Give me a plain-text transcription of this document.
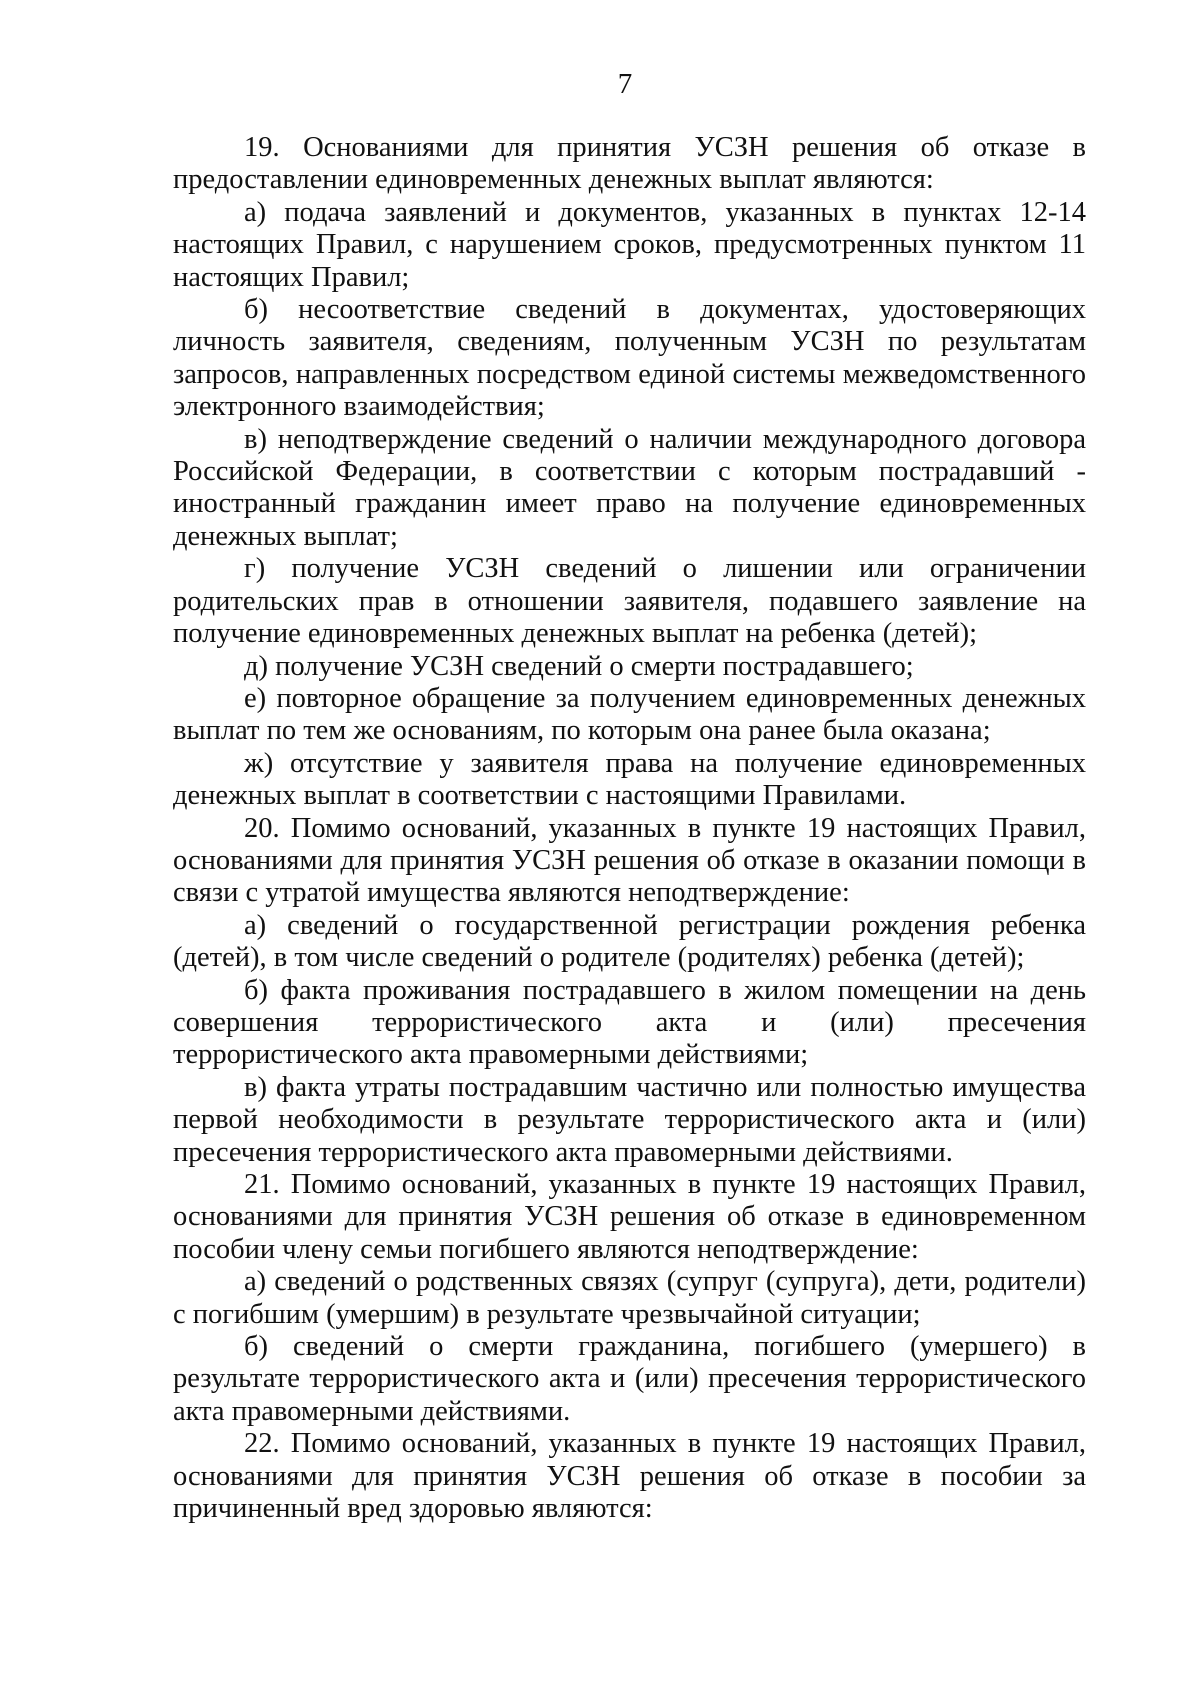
7

19. Основаниями для принятия УСЗН решения об отказе в предоставлении единовременных денежных выплат являются:

а) подача заявлений и документов, указанных в пунктах 12-14 настоящих Правил, с нарушением сроков, предусмотренных пунктом 11 настоящих Правил;

б) несоответствие сведений в документах, удостоверяющих личность заявителя, сведениям, полученным УСЗН по результатам запросов, направленных посредством единой системы межведомственного электронного взаимодействия;

в) неподтверждение сведений о наличии международного договора Российской Федерации, в соответствии с которым пострадавший - иностранный гражданин имеет право на получение единовременных денежных выплат;

г) получение УСЗН сведений о лишении или ограничении родительских прав в отношении заявителя, подавшего заявление на получение единовременных денежных выплат на ребенка (детей);

д) получение УСЗН сведений о смерти пострадавшего;

е) повторное обращение за получением единовременных денежных выплат по тем же основаниям, по которым она ранее была оказана;

ж) отсутствие у заявителя права на получение единовременных денежных выплат в соответствии с настоящими Правилами.

20. Помимо оснований, указанных в пункте 19 настоящих Правил, основаниями для принятия УСЗН решения об отказе в оказании помощи в связи с утратой имущества являются неподтверждение:

а) сведений о государственной регистрации рождения ребенка (детей), в том числе сведений о родителе (родителях) ребенка (детей);

б) факта проживания пострадавшего в жилом помещении на день совершения террористического акта и (или) пресечения террористического акта правомерными действиями;

в) факта утраты пострадавшим частично или полностью имущества первой необходимости в результате террористического акта и (или) пресечения террористического акта правомерными действиями.

21. Помимо оснований, указанных в пункте 19 настоящих Правил, основаниями для принятия УСЗН решения об отказе в единовременном пособии члену семьи погибшего являются неподтверждение:

а) сведений о родственных связях (супруг (супруга), дети, родители) с погибшим (умершим) в результате чрезвычайной ситуации;

б) сведений о смерти гражданина, погибшего (умершего) в результате террористического акта и (или) пресечения террористического акта правомерными действиями.

22. Помимо оснований, указанных в пункте 19 настоящих Правил, основаниями для принятия УСЗН решения об отказе в пособии за причиненный вред здоровью являются:
